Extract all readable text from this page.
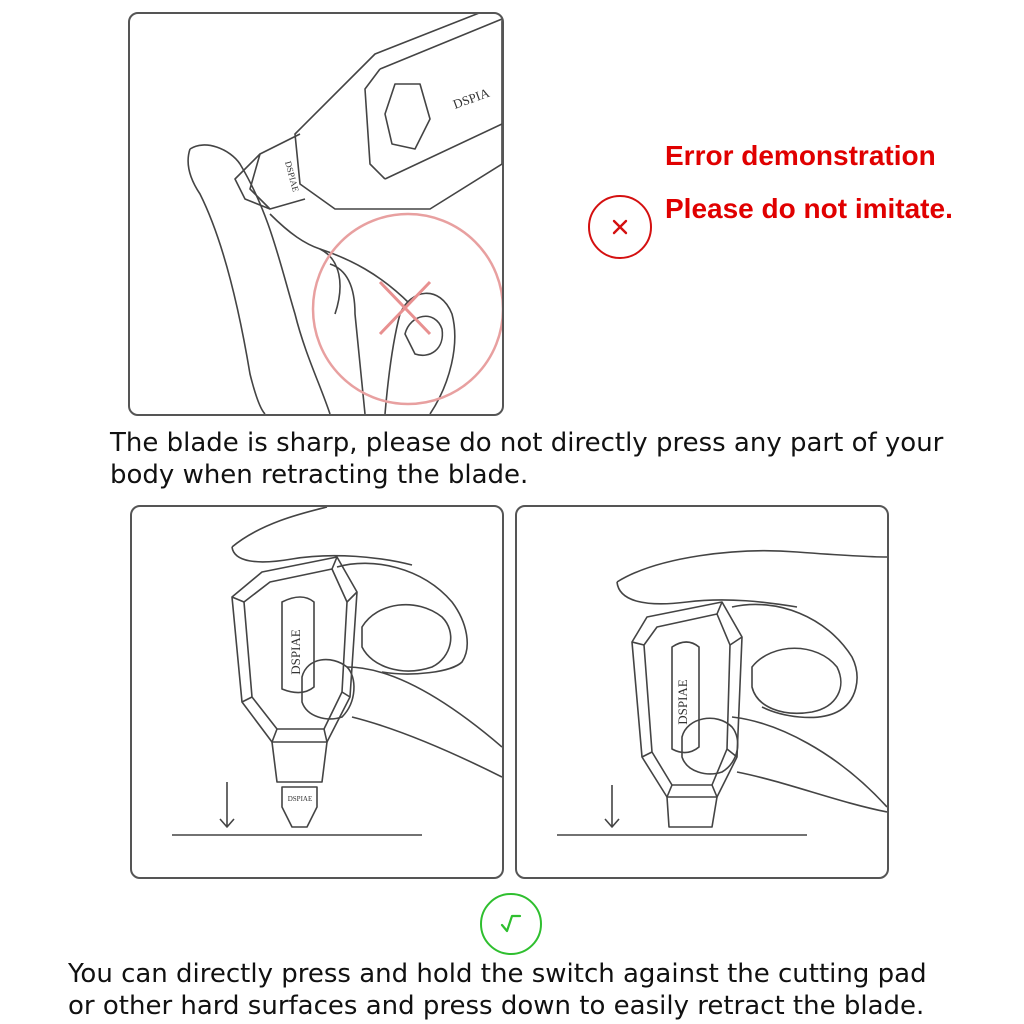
DSPIA
DSPIAE
Error demonstration
Please do not imitate.
The blade is sharp, please do not directly press any part of your
body when retracting the blade.
DSPIAE
DSPIAE
DSPIAE
You can directly press and hold the switch against the cutting pad
or other hard surfaces and press down to easily retract the blade.
